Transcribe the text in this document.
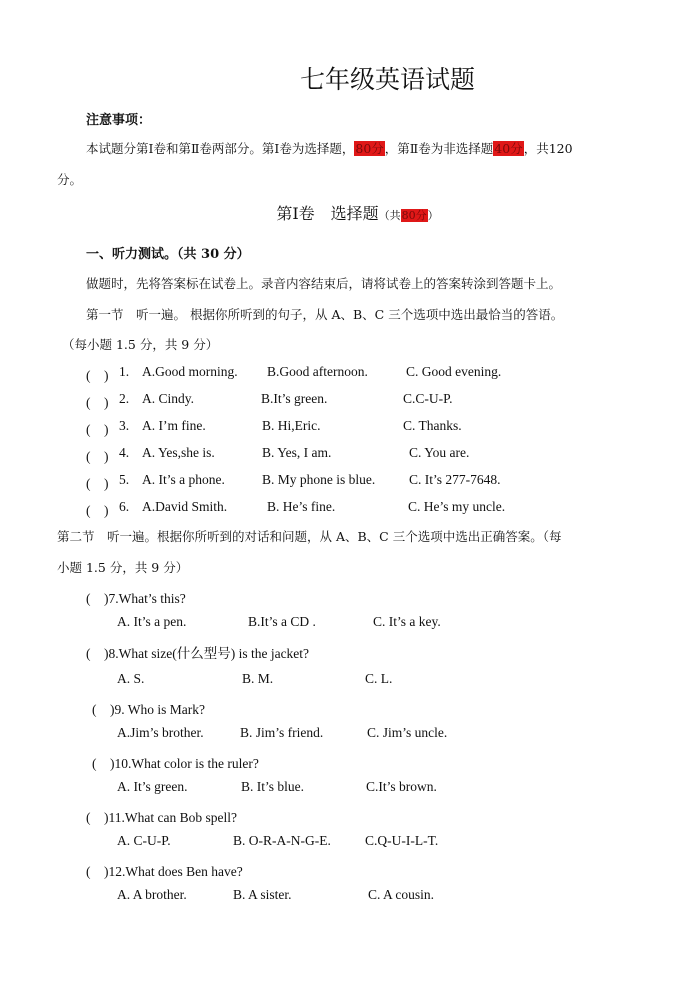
七年级英语试题
注意事项：
本试题分第Ⅰ卷和第Ⅱ卷两部分。第Ⅰ卷为选择题，80分，第Ⅱ卷为非选择题40分，共120
分。
第Ⅰ卷　选择题（共80分）
一、听力测试。（共 30 分）
做题时，先将答案标在试卷上。录音内容结束后，请将试卷上的答案转涂到答题卡上。
第一节　听一遍。 根据你所听到的句子，从 A、B、C 三个选项中选出最恰当的答语。
（每小题 1.5 分，共 9 分）
(　) 1. A.Good morning. B.Good afternoon.	C. Good evening.
(　) 2. A. Cindy.	B.It’s green.	C.C-U-P.
(　) 3. A. I’m fine.	B. Hi,Eric.	C. Thanks.
(　) 4. A. Yes,she is.	B. Yes, I am.	C. You are.
(　) 5. A. It’s a phone.	B. My phone is blue.	C. It’s 277-7648.
(　) 6. A.David Smith.	B. He’s fine.	C. He’s my uncle.
第二节　听一遍。根据你所听到的对话和问题，从 A、B、C 三个选项中选出正确答案。（每
小题 1.5 分，共 9 分）
(　)7.What’s this?
A. It’s a pen.	B.It’s a CD .	C. It’s a key.
(　)8.What size(什么型号) is the jacket?
A. S.	B. M.	C. L.
(　)9. Who is Mark?
A.Jim’s brother.	B. Jim’s friend.	C. Jim’s uncle.
(　)10.What color is the ruler?
A. It’s green.	B. It’s blue.	C.It’s brown.
(　)11.What can Bob spell?
A. C-U-P.	B. O-R-A-N-G-E.	C.Q-U-I-L-T.
(　)12.What does Ben have?
A. A brother.	B. A sister.	C. A cousin.
